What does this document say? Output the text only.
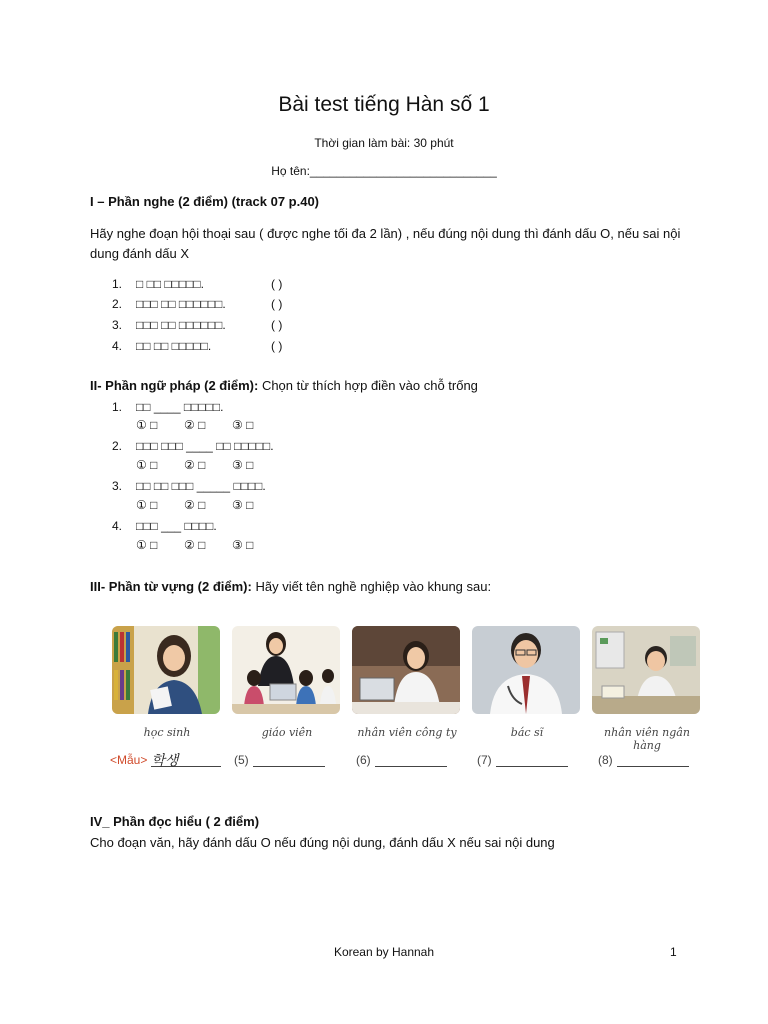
Bài test tiếng Hàn số 1
Thời gian làm bài: 30 phút
Họ tên:____________________________
I – Phần nghe (2 điểm) (track 07 p.40)
Hãy nghe đoạn hội thoại sau ( được nghe tối đa 2 lần) , nếu đúng nội dung thì đánh dấu O, nếu sai nội dung đánh dấu X
1. □ □□ □□□□□.	( )
2. □□□ □□ □□□□□□.	( )
3. □□□ □□ □□□□□□.	( )
4. □□ □□ □□□□□.	( )
II- Phần ngữ pháp (2 điểm): Chọn từ thích hợp điền vào chỗ trống
1. □□ ____ □□□□□.
① □ ② □ ③ □
2. □□□ □□□ ____ □□ □□□□□.
① □ ② □ ③ □
3. □□ □□ □□□ _____ □□□□.
① □ ② □ ③ □
4. □□□ ___ □□□□.
① □ ② □ ③ □
III- Phần từ vựng (2 điểm): Hãy viết tên nghề nghiệp vào khung sau:
học sinh
<Mẫu> 학생
giáo viên
(5)
nhân viên công ty
(6)
bác sĩ
(7)
nhân viên ngân hàng
(8)
IV_ Phần đọc hiểu ( 2 điểm)
Cho đoạn văn, hãy đánh dấu O nếu đúng nội dung, đánh dấu X nếu sai nội dung
Korean by Hannah	1
